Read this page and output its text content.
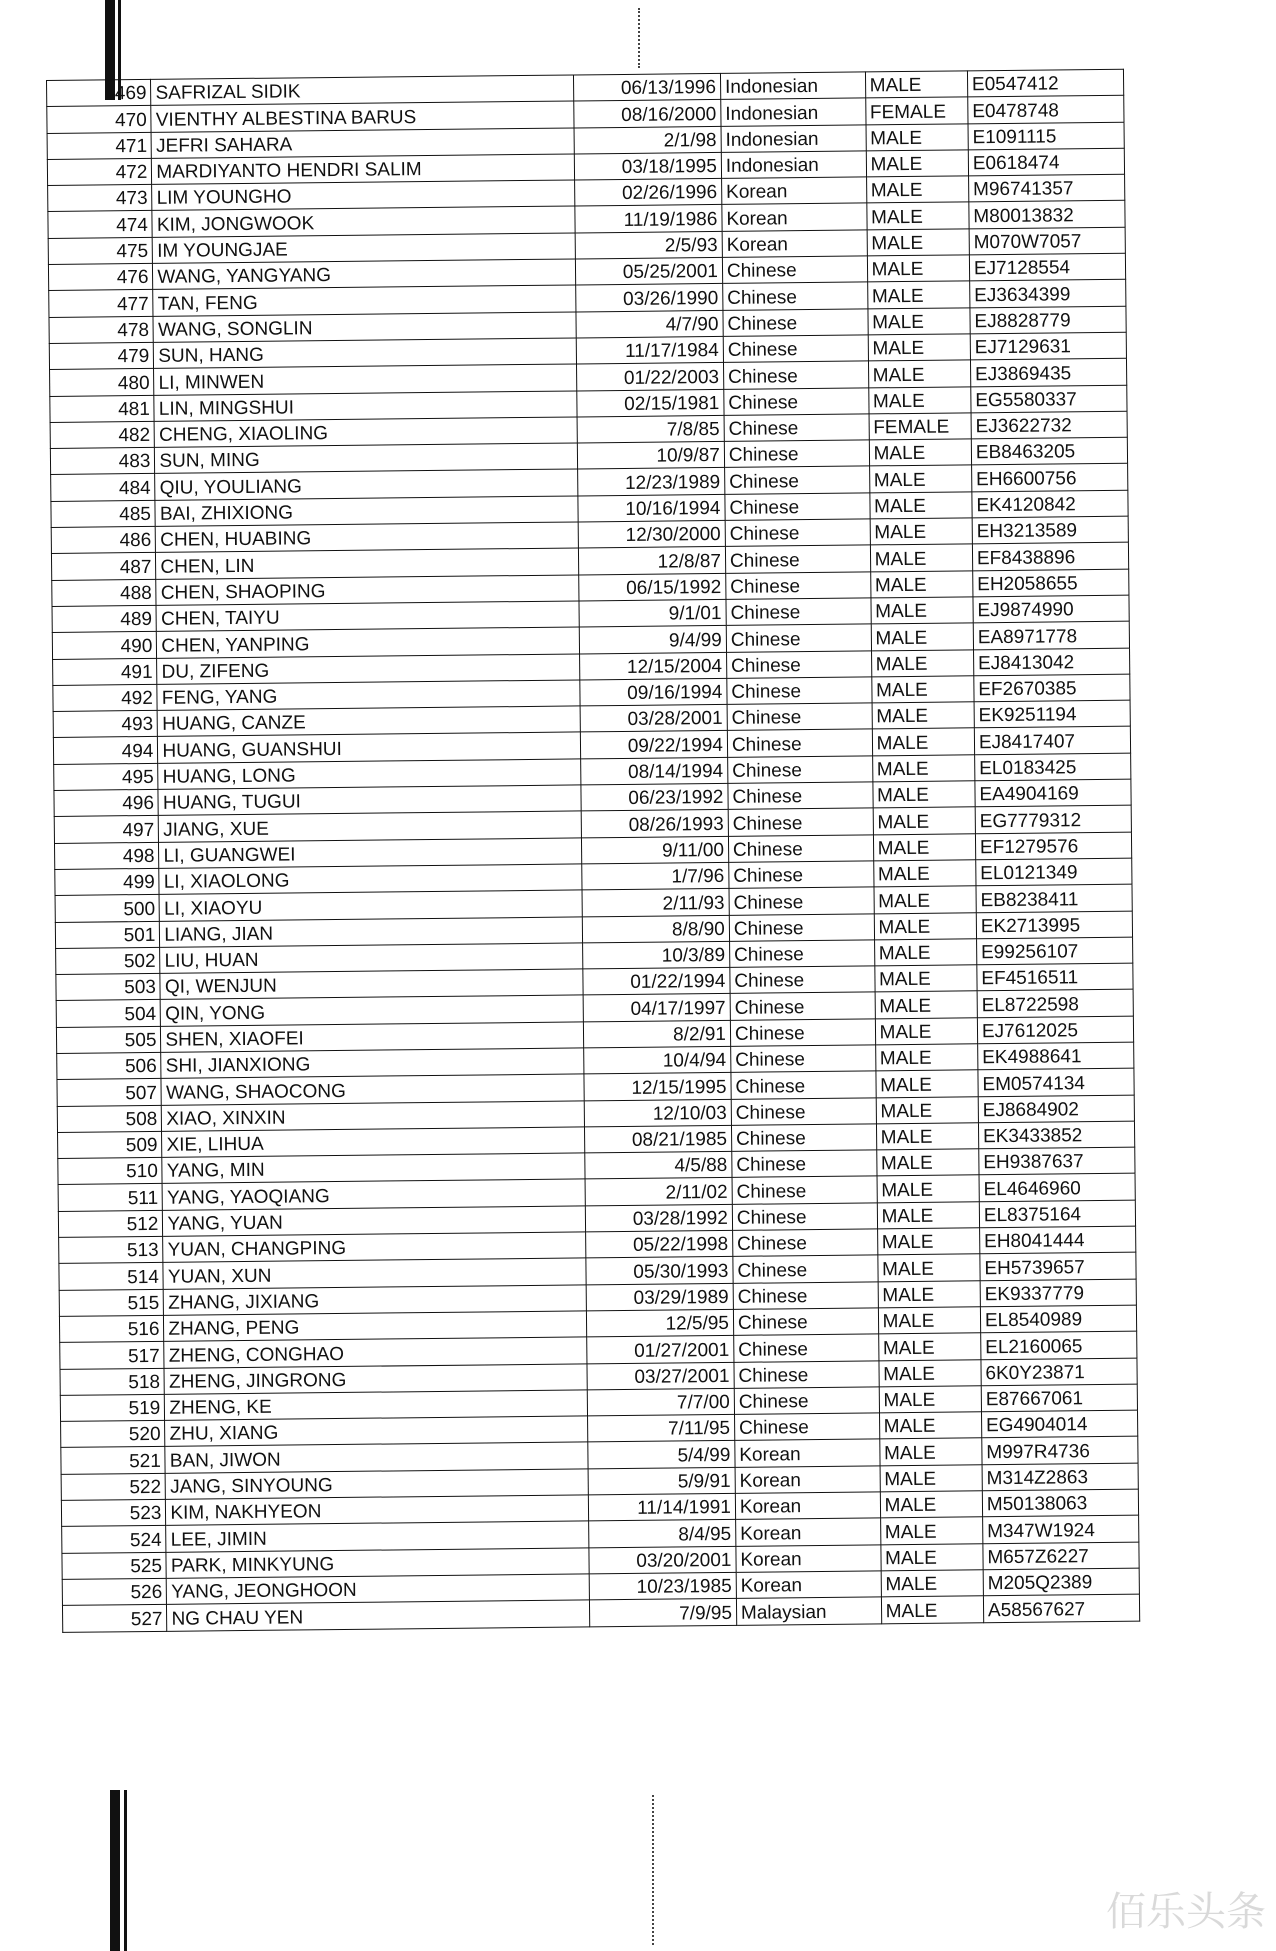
佰乐头条
469	SAFRIZAL SIDIK	06/13/1996	Indonesian	MALE	E0547412
470	VIENTHY ALBESTINA BARUS	08/16/2000	Indonesian	FEMALE	E0478748
471	JEFRI SAHARA	2/1/98	Indonesian	MALE	E1091115
472	MARDIYANTO HENDRI SALIM	03/18/1995	Indonesian	MALE	E0618474
473	LIM YOUNGHO	02/26/1996	Korean	MALE	M96741357
474	KIM, JONGWOOK	11/19/1986	Korean	MALE	M80013832
475	IM YOUNGJAE	2/5/93	Korean	MALE	M070W7057
476	WANG, YANGYANG	05/25/2001	Chinese	MALE	EJ7128554
477	TAN, FENG	03/26/1990	Chinese	MALE	EJ3634399
478	WANG, SONGLIN	4/7/90	Chinese	MALE	EJ8828779
479	SUN, HANG	11/17/1984	Chinese	MALE	EJ7129631
480	LI, MINWEN	01/22/2003	Chinese	MALE	EJ3869435
481	LIN, MINGSHUI	02/15/1981	Chinese	MALE	EG5580337
482	CHENG, XIAOLING	7/8/85	Chinese	FEMALE	EJ3622732
483	SUN, MING	10/9/87	Chinese	MALE	EB8463205
484	QIU, YOULIANG	12/23/1989	Chinese	MALE	EH6600756
485	BAI, ZHIXIONG	10/16/1994	Chinese	MALE	EK4120842
486	CHEN, HUABING	12/30/2000	Chinese	MALE	EH3213589
487	CHEN, LIN	12/8/87	Chinese	MALE	EF8438896
488	CHEN, SHAOPING	06/15/1992	Chinese	MALE	EH2058655
489	CHEN, TAIYU	9/1/01	Chinese	MALE	EJ9874990
490	CHEN, YANPING	9/4/99	Chinese	MALE	EA8971778
491	DU, ZIFENG	12/15/2004	Chinese	MALE	EJ8413042
492	FENG, YANG	09/16/1994	Chinese	MALE	EF2670385
493	HUANG, CANZE	03/28/2001	Chinese	MALE	EK9251194
494	HUANG, GUANSHUI	09/22/1994	Chinese	MALE	EJ8417407
495	HUANG, LONG	08/14/1994	Chinese	MALE	EL0183425
496	HUANG, TUGUI	06/23/1992	Chinese	MALE	EA4904169
497	JIANG, XUE	08/26/1993	Chinese	MALE	EG7779312
498	LI, GUANGWEI	9/11/00	Chinese	MALE	EF1279576
499	LI, XIAOLONG	1/7/96	Chinese	MALE	EL0121349
500	LI, XIAOYU	2/11/93	Chinese	MALE	EB8238411
501	LIANG, JIAN	8/8/90	Chinese	MALE	EK2713995
502	LIU, HUAN	10/3/89	Chinese	MALE	E99256107
503	QI, WENJUN	01/22/1994	Chinese	MALE	EF4516511
504	QIN, YONG	04/17/1997	Chinese	MALE	EL8722598
505	SHEN, XIAOFEI	8/2/91	Chinese	MALE	EJ7612025
506	SHI, JIANXIONG	10/4/94	Chinese	MALE	EK4988641
507	WANG, SHAOCONG	12/15/1995	Chinese	MALE	EM0574134
508	XIAO, XINXIN	12/10/03	Chinese	MALE	EJ8684902
509	XIE, LIHUA	08/21/1985	Chinese	MALE	EK3433852
510	YANG, MIN	4/5/88	Chinese	MALE	EH9387637
511	YANG, YAOQIANG	2/11/02	Chinese	MALE	EL4646960
512	YANG, YUAN	03/28/1992	Chinese	MALE	EL8375164
513	YUAN, CHANGPING	05/22/1998	Chinese	MALE	EH8041444
514	YUAN, XUN	05/30/1993	Chinese	MALE	EH5739657
515	ZHANG, JIXIANG	03/29/1989	Chinese	MALE	EK9337779
516	ZHANG, PENG	12/5/95	Chinese	MALE	EL8540989
517	ZHENG, CONGHAO	01/27/2001	Chinese	MALE	EL2160065
518	ZHENG, JINGRONG	03/27/2001	Chinese	MALE	6K0Y23871
519	ZHENG, KE	7/7/00	Chinese	MALE	E87667061
520	ZHU, XIANG	7/11/95	Chinese	MALE	EG4904014
521	BAN, JIWON	5/4/99	Korean	MALE	M997R4736
522	JANG, SINYOUNG	5/9/91	Korean	MALE	M314Z2863
523	KIM, NAKHYEON	11/14/1991	Korean	MALE	M50138063
524	LEE, JIMIN	8/4/95	Korean	MALE	M347W1924
525	PARK, MINKYUNG	03/20/2001	Korean	MALE	M657Z6227
526	YANG, JEONGHOON	10/23/1985	Korean	MALE	M205Q2389
527	NG CHAU YEN	7/9/95	Malaysian	MALE	A58567627
